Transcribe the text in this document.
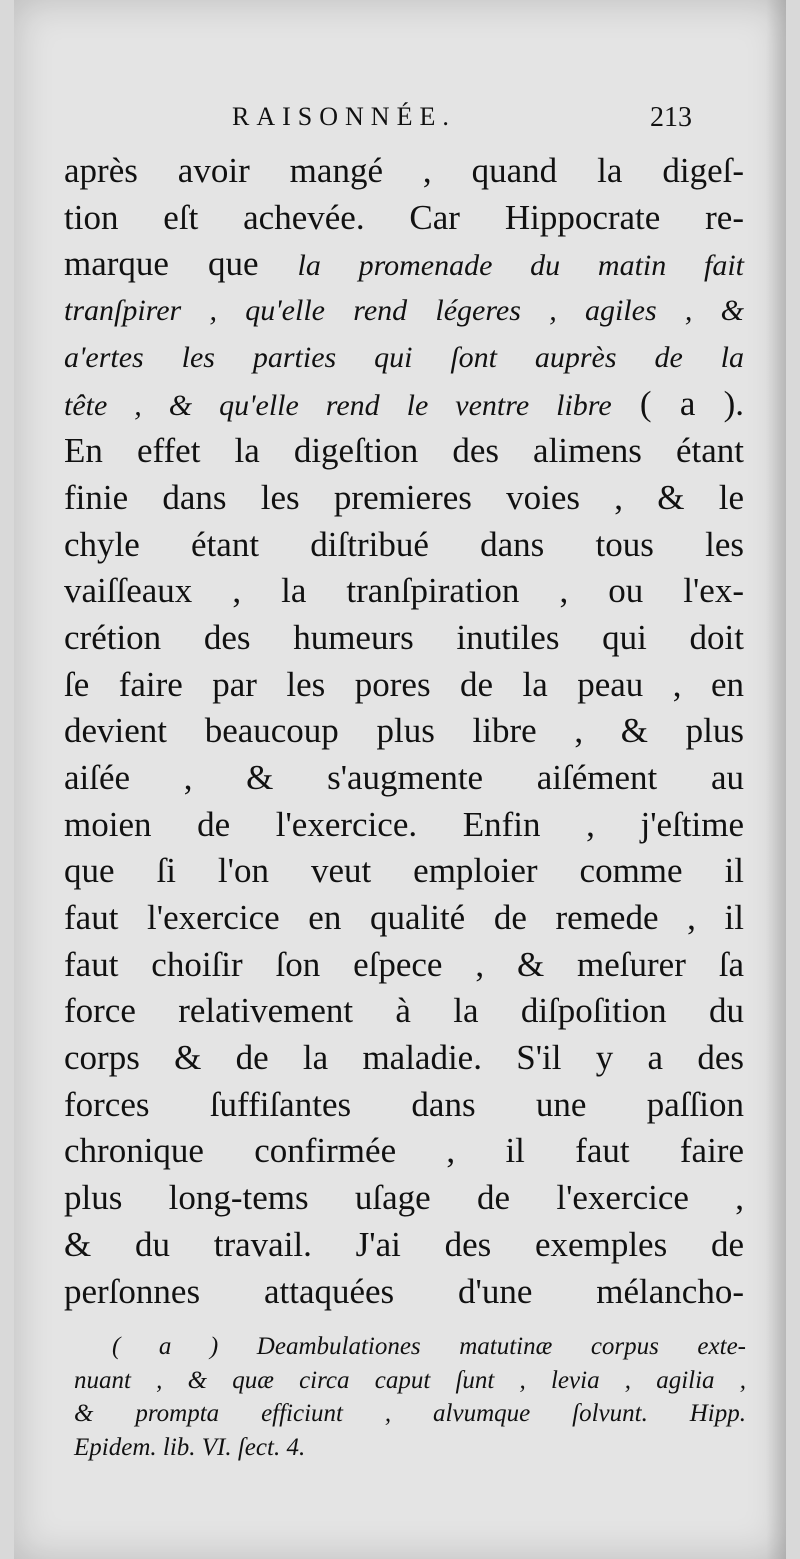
RAISONNÉE.	213
après avoir mangé , quand la digeſ-
tion eſt achevée. Car Hippocrate re-
marque que la promenade du matin fait
tranſpirer , qu'elle rend légeres , agiles , &
a'ertes les parties qui ſont auprès de la
tête , & qu'elle rend le ventre libre ( a ).
En effet la digeſtion des alimens étant
finie dans les premieres voies , & le
chyle étant diſtribué dans tous les
vaiſſeaux , la tranſpiration , ou l'ex-
crétion des humeurs inutiles qui doit
ſe faire par les pores de la peau , en
devient beaucoup plus libre , & plus
aiſée , & s'augmente aiſément au
moien de l'exercice. Enfin , j'eſtime
que ſi l'on veut emploier comme il
faut l'exercice en qualité de remede , il
faut choiſir ſon eſpece , & meſurer ſa
force relativement à la diſpoſition du
corps & de la maladie. S'il y a des
forces ſuffiſantes dans une paſſion
chronique confirmée , il faut faire
plus long-tems uſage de l'exercice ,
& du travail. J'ai des exemples de
perſonnes attaquées d'une mélancho-
( a ) Deambulationes matutinæ corpus exte-
nuant , & quæ circa caput ſunt , levia , agilia ,
& prompta efficiunt , alvumque ſolvunt. Hipp.
Epidem. lib. VI. ſect. 4.
